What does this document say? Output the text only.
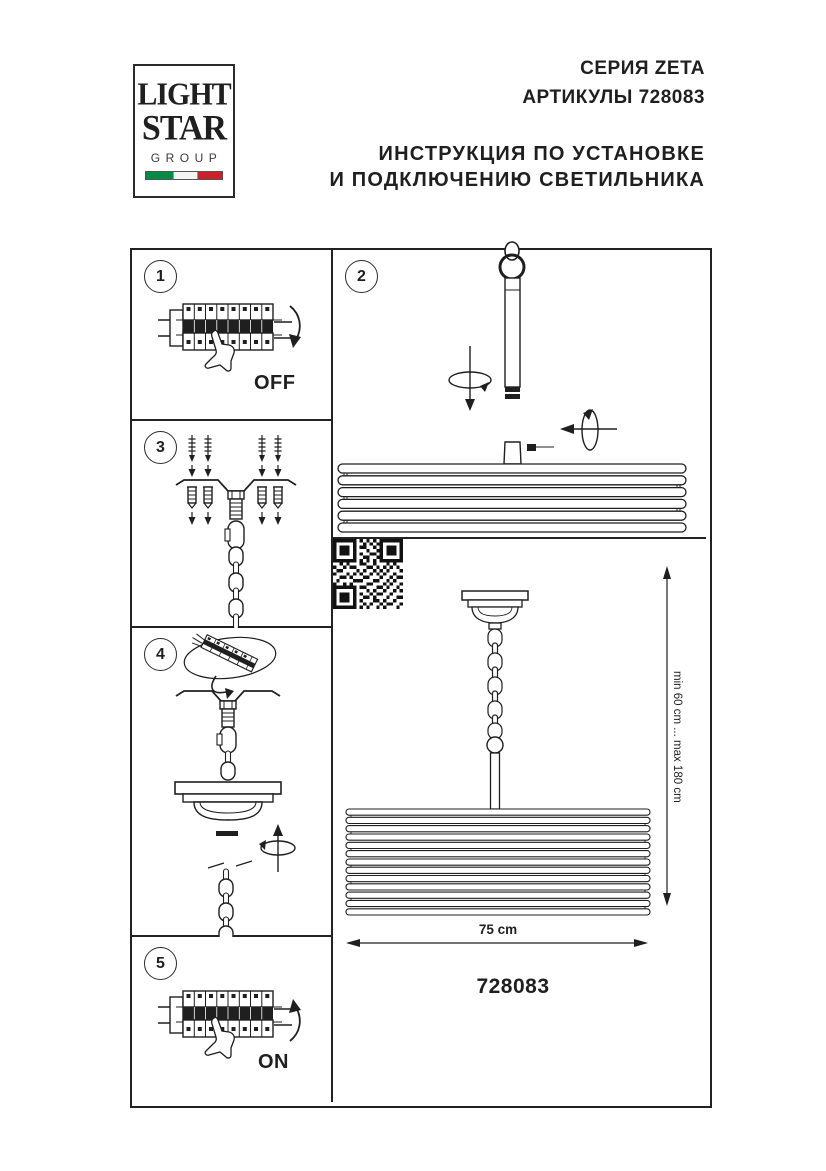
LIGHT
STAR
GROUP
СЕРИЯ ZETA
АРТИКУЛЫ 728083
ИНСТРУКЦИЯ ПО УСТАНОВКЕ
И ПОДКЛЮЧЕНИЮ СВЕТИЛЬНИКА
1
OFF
3
4
5
ON
2
min 60 cm ... max 180 cm
75 cm
728083
